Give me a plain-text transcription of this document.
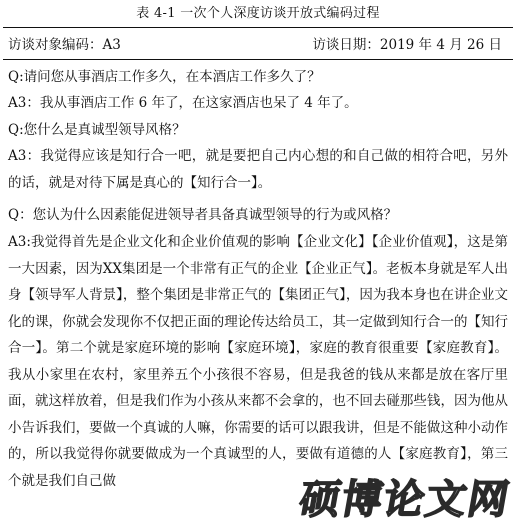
表 4-1 一次个人深度访谈开放式编码过程
访谈对象编码：A3	访谈日期：2019 年 4 月 26 日

Q:请问您从事酒店工作多久，在本酒店工作多久了？

A3：我从事酒店工作 6 年了，在这家酒店也呆了 4 年了。

Q:您什么是真诚型领导风格？

A3：我觉得应该是知行合一吧，就是要把自己内心想的和自己做的相符合吧，另外的话，就是对待下属是真心的【知行合一】。

Q：您认为什么因素能促进领导者具备真诚型领导的行为或风格？

A3:我觉得首先是企业文化和企业价值观的影响【企业文化】【企业价值观】，这是第一大因素，因为XX集团是一个非常有正气的企业【企业正气】。老板本身就是军人出身【领导军人背景】，整个集团是非常正气的【集团正气】，因为我本身也在讲企业文化的课，你就会发现你不仅把正面的理论传达给员工，其一定做到知行合一的【知行合一】。第二个就是家庭环境的影响【家庭环境】，家庭的教育很重要【家庭教育】。我从小家里在农村，家里养五个小孩很不容易，但是我爸的钱从来都是放在客厅里面，就这样放着，但是我们作为小孩从来都不会拿的，也不回去碰那些钱，因为他从小告诉我们，要做一个真诚的人嘛，你需要的话可以跟我讲，但是不能做这种小动作的，所以我觉得你就要做成为一个真诚型的人，要做有道德的人【家庭教育】，第三个就是我们自己做	硕博论文网
